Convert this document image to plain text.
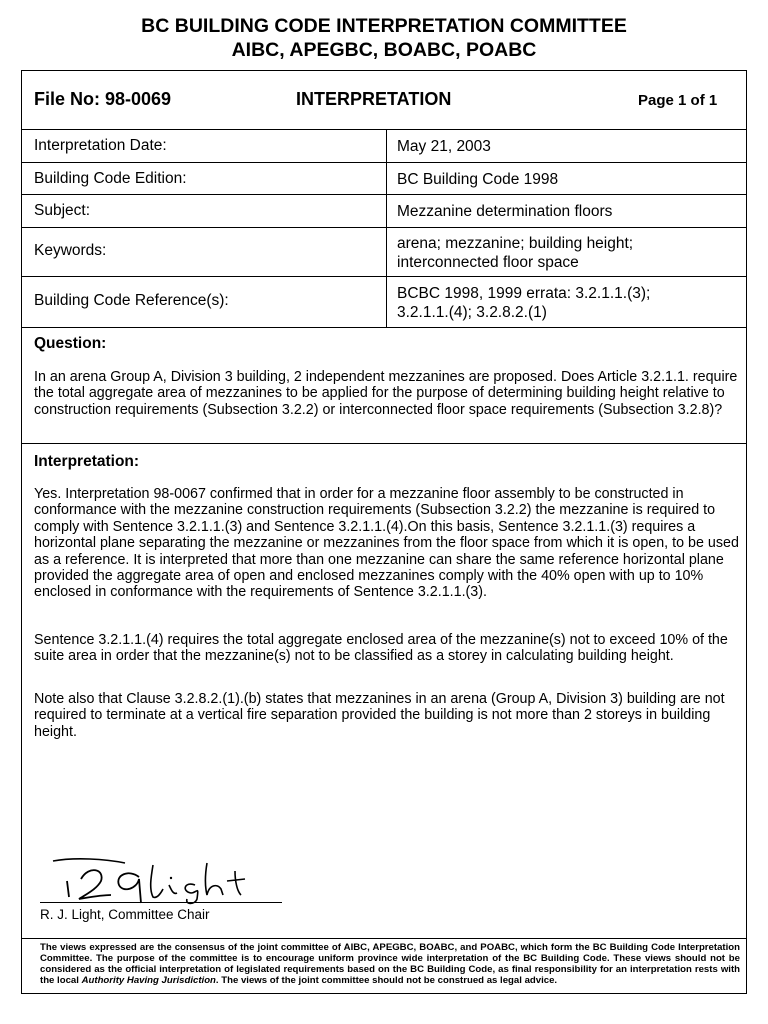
BC BUILDING CODE INTERPRETATION COMMITTEE
AIBC, APEGBC, BOABC, POABC
File No: 98-0069	INTERPRETATION	Page 1 of 1
Interpretation Date:	May 21, 2003
Building Code Edition:	BC Building Code 1998
Subject:	Mezzanine determination floors
Keywords:	arena; mezzanine; building height;
interconnected floor space
Building Code Reference(s):	BCBC 1998, 1999 errata: 3.2.1.1.(3);
3.2.1.1.(4); 3.2.8.2.(1)
Question:
In an arena Group A, Division 3 building, 2 independent mezzanines are proposed. Does Article 3.2.1.1. require the total aggregate area of mezzanines to be applied for the purpose of determining building height relative to construction requirements (Subsection 3.2.2) or interconnected floor space requirements (Subsection 3.2.8)?
Interpretation:
Yes. Interpretation 98-0067 confirmed that in order for a mezzanine floor assembly to be constructed in conformance with the mezzanine construction requirements (Subsection 3.2.2) the mezzanine is required to comply with Sentence 3.2.1.1.(3) and Sentence 3.2.1.1.(4).On this basis, Sentence 3.2.1.1.(3) requires a horizontal plane separating the mezzanine or mezzanines from the floor space from which it is open, to be used as a reference. It is interpreted that more than one mezzanine can share the same reference horizontal plane provided the aggregate area of open and enclosed mezzanines comply with the 40% open with up to 10% enclosed in conformance with the requirements of Sentence 3.2.1.1.(3).
Sentence 3.2.1.1.(4) requires the total aggregate enclosed area of the mezzanine(s) not to exceed 10% of the suite area in order that the mezzanine(s) not to be classified as a storey in calculating building height.
Note also that Clause 3.2.8.2.(1).(b) states that mezzanines in an arena (Group A, Division 3) building are not required to terminate at a vertical fire separation provided the building is not more than 2 storeys in building height.
R. J. Light, Committee Chair
The views expressed are the consensus of the joint committee of AIBC, APEGBC, BOABC, and POABC, which form the BC Building Code Interpretation Committee. The purpose of the committee is to encourage uniform province wide interpretation of the BC Building Code. These views should not be considered as the official interpretation of legislated requirements based on the BC Building Code, as final responsibility for an interpretation rests with the local Authority Having Jurisdiction. The views of the joint committee should not be construed as legal advice.
